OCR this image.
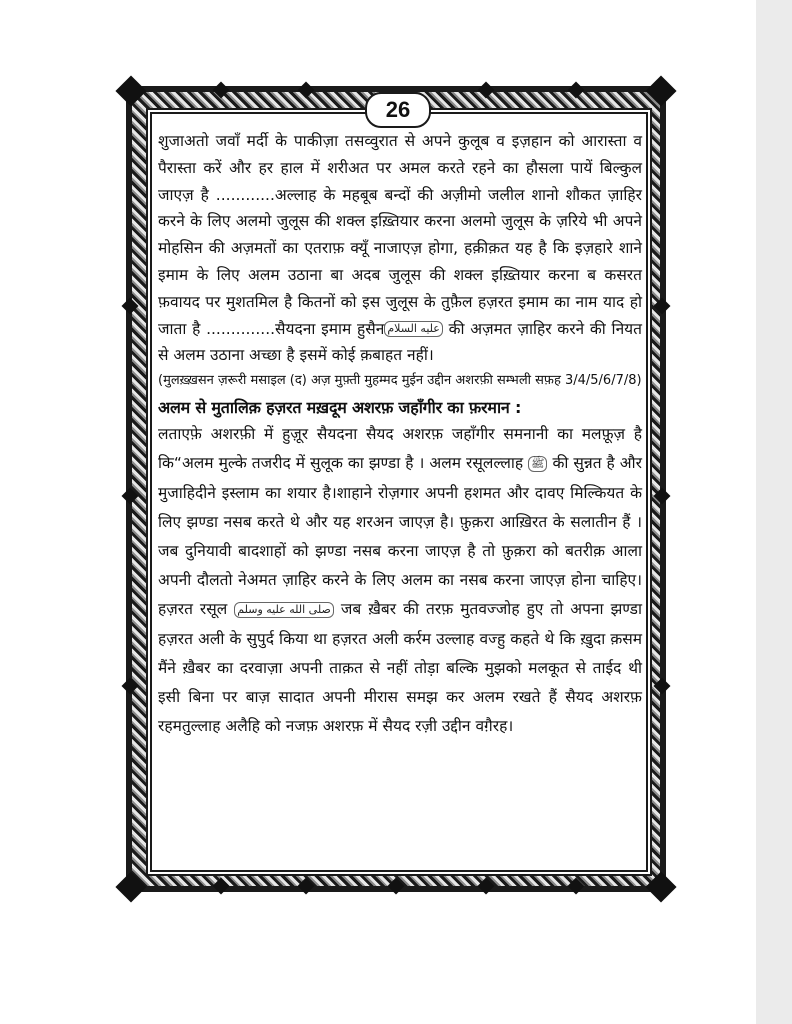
26

शुजाअतो जवाँ मर्दी के पाकीज़ा तसव्वुरात से अपने कुलूब व इज़हान को आरास्ता व पैरास्ता करें और हर हाल में शरीअत पर अमल करते रहने का हौसला पायें बिल्कुल जाएज़ है ............अल्लाह के महबूब बन्दों की अज़ीमो जलील शानो शौकत ज़ाहिर करने के लिए अलमो जुलूस की शक्ल इख़्तियार करना अलमो जुलूस के ज़रिये भी अपने मोहसिन की अज़मतों का एतराफ़ क्यूँ नाजाएज़ होगा, हक़ीक़त यह है कि इज़हारे शाने इमाम के लिए अलम उठाना बा अदब जुलूस की शक्ल इख़्तियार करना ब कसरत फ़वायद पर मुशतमिल है कितनों को इस जुलूस के तुफ़ैल हज़रत इमाम का नाम याद हो जाता है ..............सैयदना इमाम हुसैन عليه السلام की अज़मत ज़ाहिर करने की नियत से अलम उठाना अच्छा है इसमें कोई क़बाहत नहीं।

(मुलख़्ख़सन ज़रूरी मसाइल (द) अज़ मुफ़्ती मुहम्मद मुईन उद्दीन अशरफ़ी सम्भली सफ़ह 3/4/5/6/7/8)

अलम से मुतालिक़ हज़रत मख़दूम अशरफ़ जहाँगीर का फ़रमान :

लताएफ़े अशरफ़ी में हुज़ूर सैयदना सैयद अशरफ़ जहाँगीर समनानी का मलफ़ूज़ है कि“अलम मुल्के तजरीद में सुलूक का झण्डा है । अलम रसूलल्लाह ﷺ की सुन्नत है और मुजाहिदीने इस्लाम का शयार है।शाहाने रोज़गार अपनी हशमत और दावए मिल्कियत के लिए झण्डा नसब करते थे और यह शरअन जाएज़ है। फ़ुक़रा आख़िरत के सलातीन हैं । जब दुनियावी बादशाहों को झण्डा नसब करना जाएज़ है तो फ़ुक़रा को बतरीक़ आला अपनी दौलतो नेअमत ज़ाहिर करने के लिए अलम का नसब करना जाएज़ होना चाहिए। हज़रत रसूल صلى الله عليه وسلم जब ख़ैबर की तरफ़ मुतवज्जोह हुए तो अपना झण्डा हज़रत अली के सुपुर्द किया था हज़रत अली कर्रम उल्लाह वज्हु कहते थे कि ख़ुदा क़सम मैंने ख़ैबर का दरवाज़ा अपनी ताक़त से नहीं तोड़ा बल्कि मुझको मलकूत से ताईद थी इसी बिना पर बाज़ सादात अपनी मीरास समझ कर अलम रखते हैं सैयद अशरफ़ रहमतुल्लाह अलैहि को नजफ़ अशरफ़ में सैयद रज़ी उद्दीन वग़ैरह।
